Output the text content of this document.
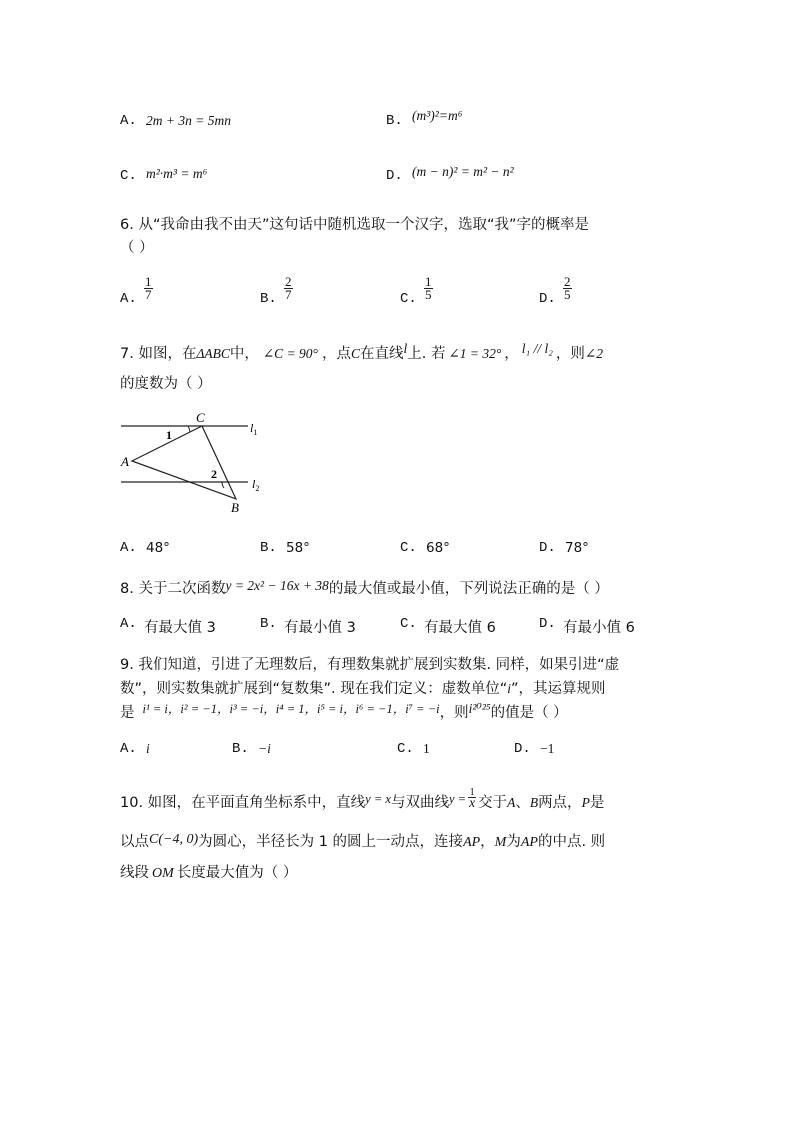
A. 2m + 3n = 5mn	B. (m³)²=m⁶
C. m²·m³ = m⁶	D. (m − n)² = m² − n²
6. 从“我命由我不由天”这句话中随机选取一个汉字，选取“我”字的概率是
（ ）
A. $\frac{1}{7}$	B. $\frac{2}{7}$	C. $\frac{1}{5}$	D. $\frac{2}{5}$
7. 如图，在ΔABC中， ∠C = 90° ，点C在直线l上. 若 ∠1 = 32° ， l₁ // l₂ ，则∠2
的度数为（ ）
C
A
B
1
2
$l_1$
$l_2$
A. 48°	B. 58°	C. 68°	D. 78°
8. 关于二次函数y = 2x² − 16x + 38的最大值或最小值，下列说法正确的是（ ）
A. 有最大值 3	B. 有最小值 3	C. 有最大值 6	D. 有最小值 6
9. 我们知道，引进了无理数后，有理数集就扩展到实数集. 同样，如果引进“虚
数”，则实数集就扩展到“复数集”. 现在我们定义：虚数单位“i”，其运算规则
是 i¹ = i，i² = −1，i³ = −i，i⁴ = 1，i⁵ = i，i⁶ = −1，i⁷ = −i，则i²⁰²⁵的值是（ ）
A. i	B. −i	C. 1	D. −1
10. 如图，在平面直角坐标系中，直线y = x与双曲线$y = \frac{1}{x}$ 交于A、B两点，P是
以点C(−4, 0)为圆心，半径长为 1 的圆上一动点，连接AP，M为AP的中点. 则
线段 OM 长度最大值为（ ）
